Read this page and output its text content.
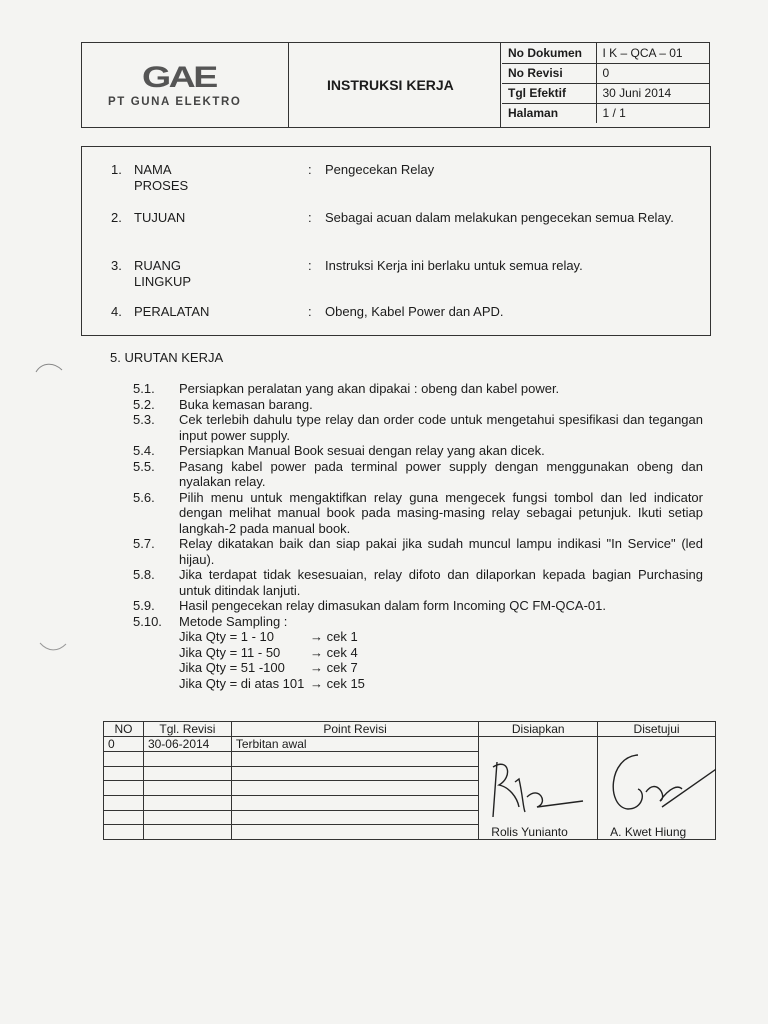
GAE
PT GUNA ELEKTRO
INSTRUKSI KERJA
No Dokumen	I K – QCA – 01
No Revisi	0
Tgl Efektif	30 Juni 2014
Halaman	1 / 1
1. NAMA PROSES
: Pengecekan Relay
2. TUJUAN	: Sebagai acuan dalam melakukan pengecekan semua Relay.
3. RUANG LINGKUP
: Instruksi Kerja ini berlaku untuk semua relay.
4. PERALATAN	: Obeng, Kabel Power dan APD.
5. URUTAN KERJA
5.1. Persiapkan peralatan yang akan dipakai : obeng dan kabel power.
5.2. Buka kemasan barang.
5.3. Cek terlebih dahulu type relay dan order code untuk mengetahui spesifikasi dan tegangan input power supply.
5.4. Persiapkan Manual Book sesuai dengan relay yang akan dicek.
5.5. Pasang kabel power pada terminal power supply dengan menggunakan obeng dan nyalakan relay.
5.6. Pilih menu untuk mengaktifkan relay guna mengecek fungsi tombol dan led indicator dengan melihat manual book pada masing-masing relay sebagai petunjuk. Ikuti setiap langkah-2 pada manual book.
5.7. Relay dikatakan baik dan siap pakai jika sudah muncul lampu indikasi "In Service" (led hijau).
5.8. Jika terdapat tidak kesesuaian, relay difoto dan dilaporkan kepada bagian Purchasing untuk ditindak lanjuti.
5.9. Hasil pengecekan relay dimasukan dalam form Incoming QC FM-QCA-01.
5.10. Metode Sampling :
Jika Qty = 1 - 10	→ cek 1
Jika Qty = 11 - 50	→ cek 4
Jika Qty = 51 -100	→ cek 7
Jika Qty = di atas 101 → cek 15
NO	Tgl. Revisi	Point Revisi	Disiapkan	Disetujui
0	30-06-2014	Terbitan awal	Rolis Yunianto	A. Kwet Hiung
